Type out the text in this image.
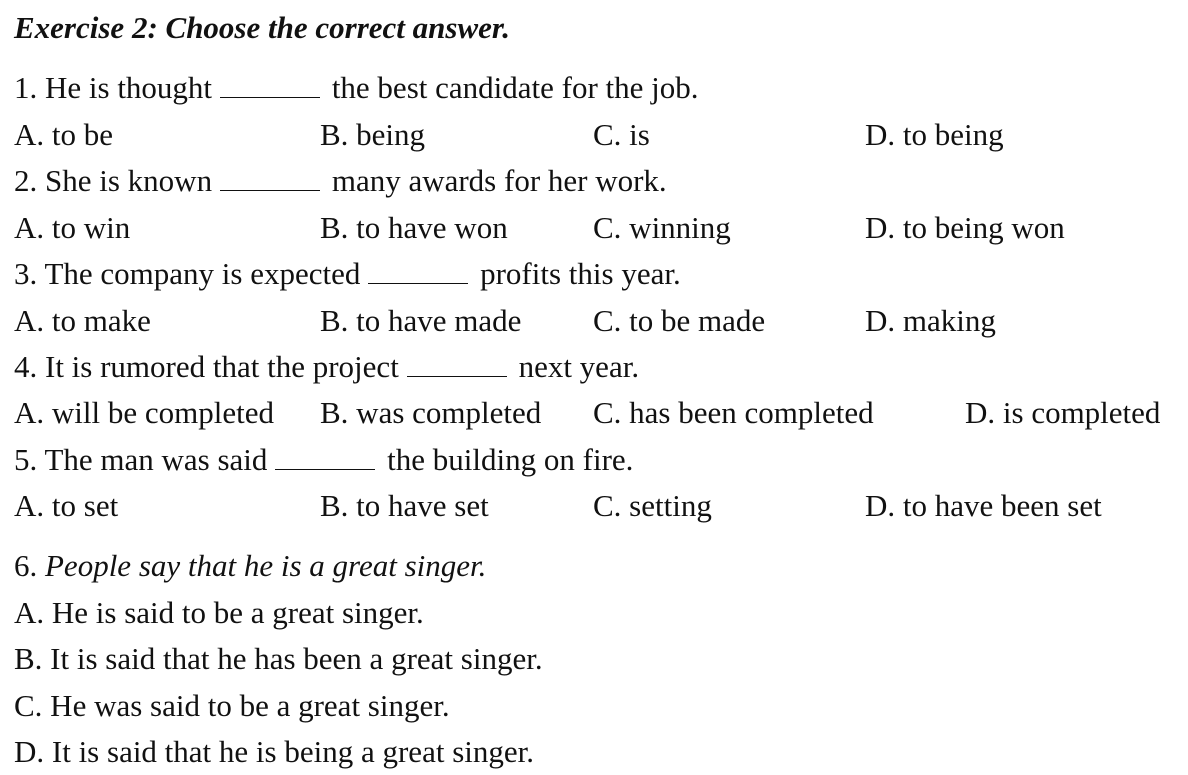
Exercise 2: Choose the correct answer.
1. He is thought	the best candidate for the job.
A. to be	B. being	C. is	D. to being
2. She is known	many awards for her work.
A. to win	B. to have won	C. winning	D. to being won
3. The company is expected	profits this year.
A. to make	B. to have made C. to be made	D. making
4. It is rumored that the project	next year.
A. will be completed B. was completed C. has been completed	D. is completed
5. The man was said	the building on fire.
A. to set	B. to have set	C. setting	D. to have been set
6. People say that he is a great singer.
A. He is said to be a great singer.
B. It is said that he has been a great singer.
C. He was said to be a great singer.
D. It is said that he is being a great singer.
